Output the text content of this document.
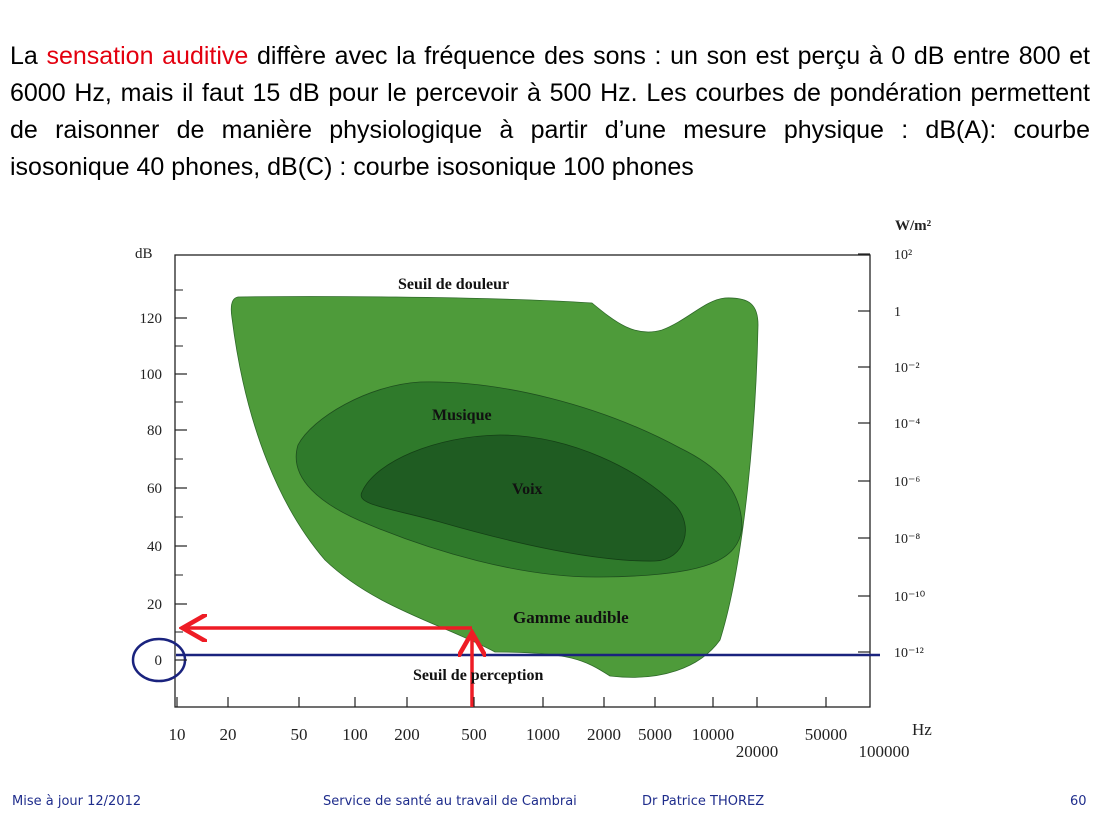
La sensation auditive diffère avec la fréquence des sons : un son est perçu à 0 dB entre 800 et 6000 Hz, mais il faut 15 dB pour le percevoir à 500 Hz. Les courbes de pondération permettent de raisonner de manière physiologique à partir d’une mesure physique : dB(A): courbe isosonique 40 phones, dB(C) : courbe isosonique 100 phones

dB
120
100
80
60
40
20
0
W/m²
10²
1
10⁻²
10⁻⁴
10⁻⁶
10⁻⁸
10⁻¹⁰
10⁻¹²
10 20	50 100 200 500 1000 2000 5000 10000
20000
50000
100000
Hz
Seuil de douleur
Musique
Voix
Gamme audible
Seuil de perception
Mise à jour 12/2012	Service de santé au travail de Cambrai	Dr Patrice THOREZ	60
